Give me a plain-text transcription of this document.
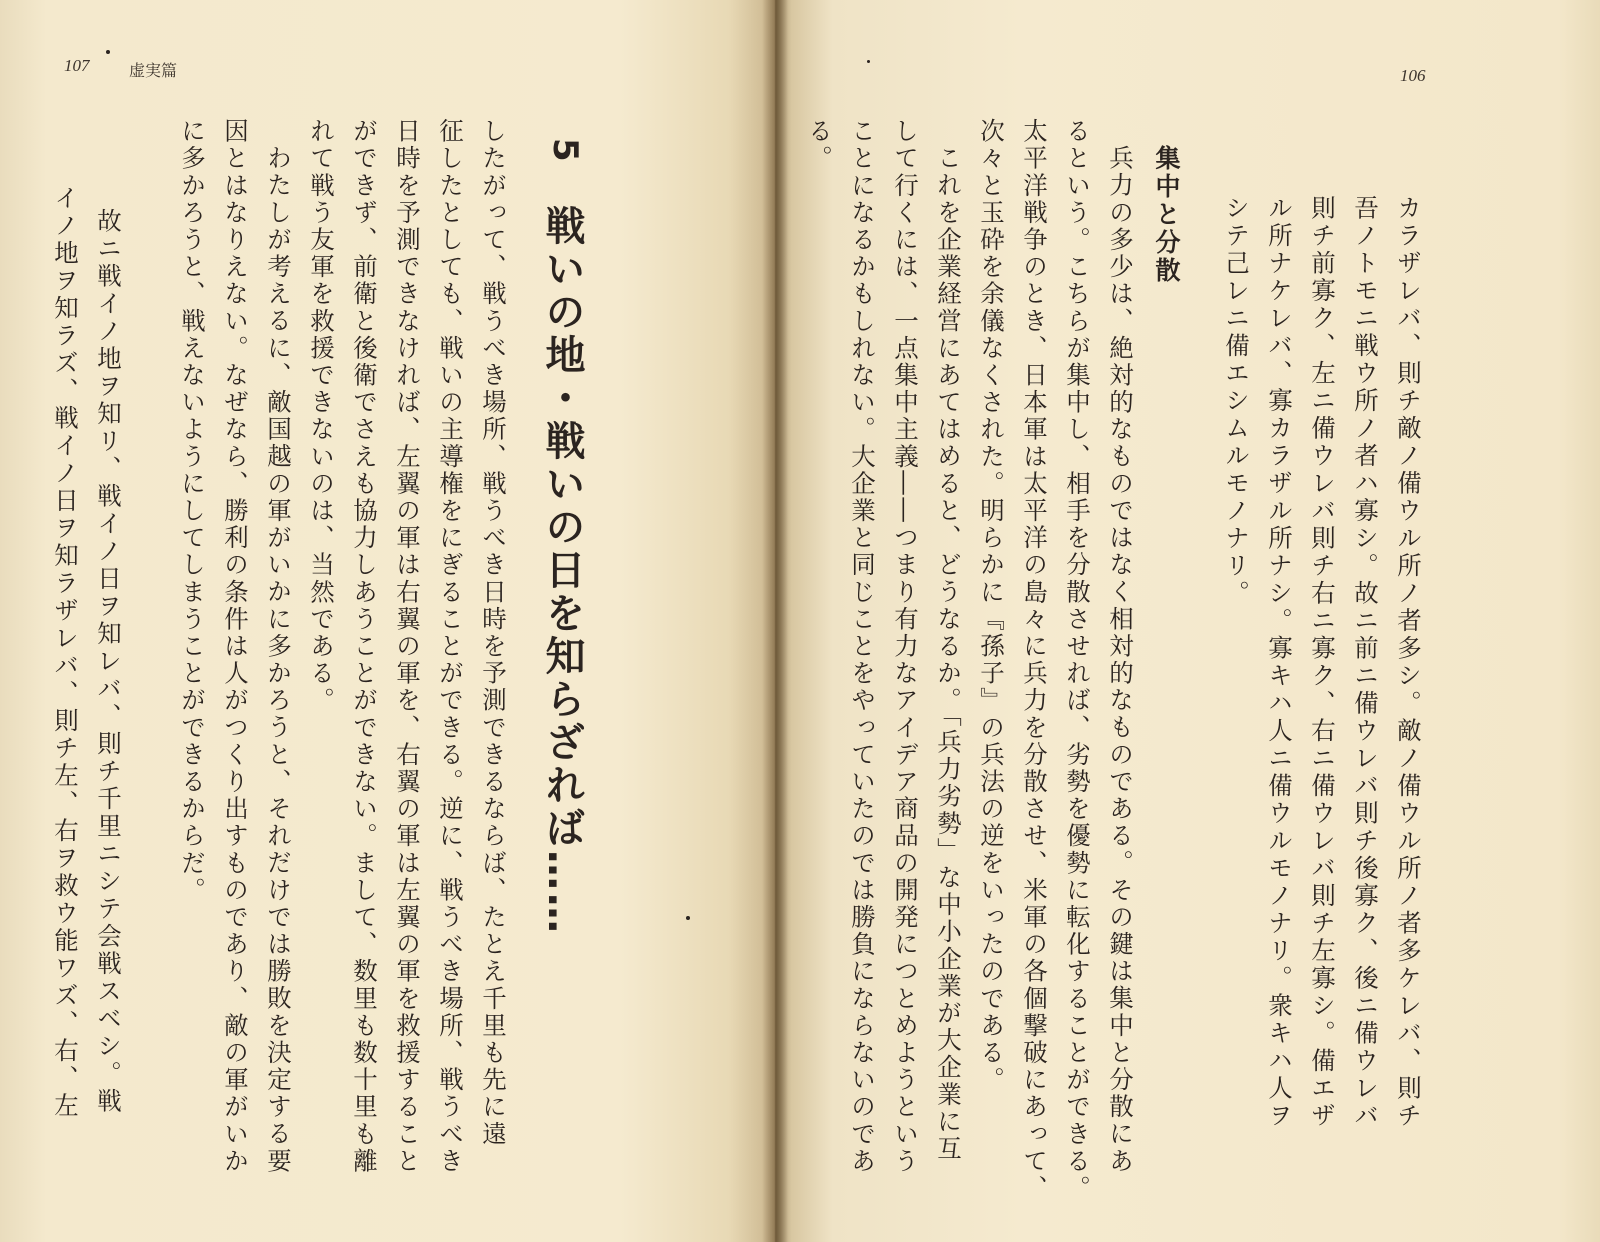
107 虚実篇

5

戦いの地・戦いの日を知らざれば……

したがって、戦うべき場所、戦うべき日時を予測できるならば、たとえ千里も先に遠

征したとしても、戦いの主導権をにぎることができる。逆に、戦うべき場所、戦うべき

日時を予測できなければ、左翼の軍は右翼の軍を、右翼の軍は左翼の軍を救援すること

ができず、前衛と後衛でさえも協力しあうことができない。まして、数里も数十里も離

れて戦う友軍を救援できないのは、当然である。

わたしが考えるに、敵国越の軍がいかに多かろうと、それだけでは勝敗を決定する要

因とはなりえない。なぜなら、勝利の条件は人がつくり出すものであり、敵の軍がいか

に多かろうと、戦えないようにしてしまうことができるからだ。

故ニ戦イノ地ヲ知リ、戦イノ日ヲ知レバ、則チ千里ニシテ会戦スベシ。戦

イノ地ヲ知ラズ、戦イノ日ヲ知ラザレバ、則チ左、右ヲ救ウ能ワズ、右、左

106

カラザレバ、則チ敵ノ備ウル所ノ者多シ。敵ノ備ウル所ノ者多ケレバ、則チ

吾ノトモニ戦ウ所ノ者ハ寡シ。故ニ前ニ備ウレバ則チ後寡ク、後ニ備ウレバ

則チ前寡ク、左ニ備ウレバ則チ右ニ寡ク、右ニ備ウレバ則チ左寡シ。備エザ

ル所ナケレバ、寡カラザル所ナシ。寡キハ人ニ備ウルモノナリ。衆キハ人ヲ

シテ己レニ備エシムルモノナリ。

集中と分散

兵力の多少は、絶対的なものではなく相対的なものである。その鍵は集中と分散にあ

るという。こちらが集中し、相手を分散させれば、劣勢を優勢に転化することができる。

太平洋戦争のとき、日本軍は太平洋の島々に兵力を分散させ、米軍の各個撃破にあって、

次々と玉砕を余儀なくされた。明らかに『孫子』の兵法の逆をいったのである。

これを企業経営にあてはめると、どうなるか。「兵力劣勢」な中小企業が大企業に互

して行くには、一点集中主義――つまり有力なアイデア商品の開発につとめようという

ことになるかもしれない。大企業と同じことをやっていたのでは勝負にならないのであ

る。
